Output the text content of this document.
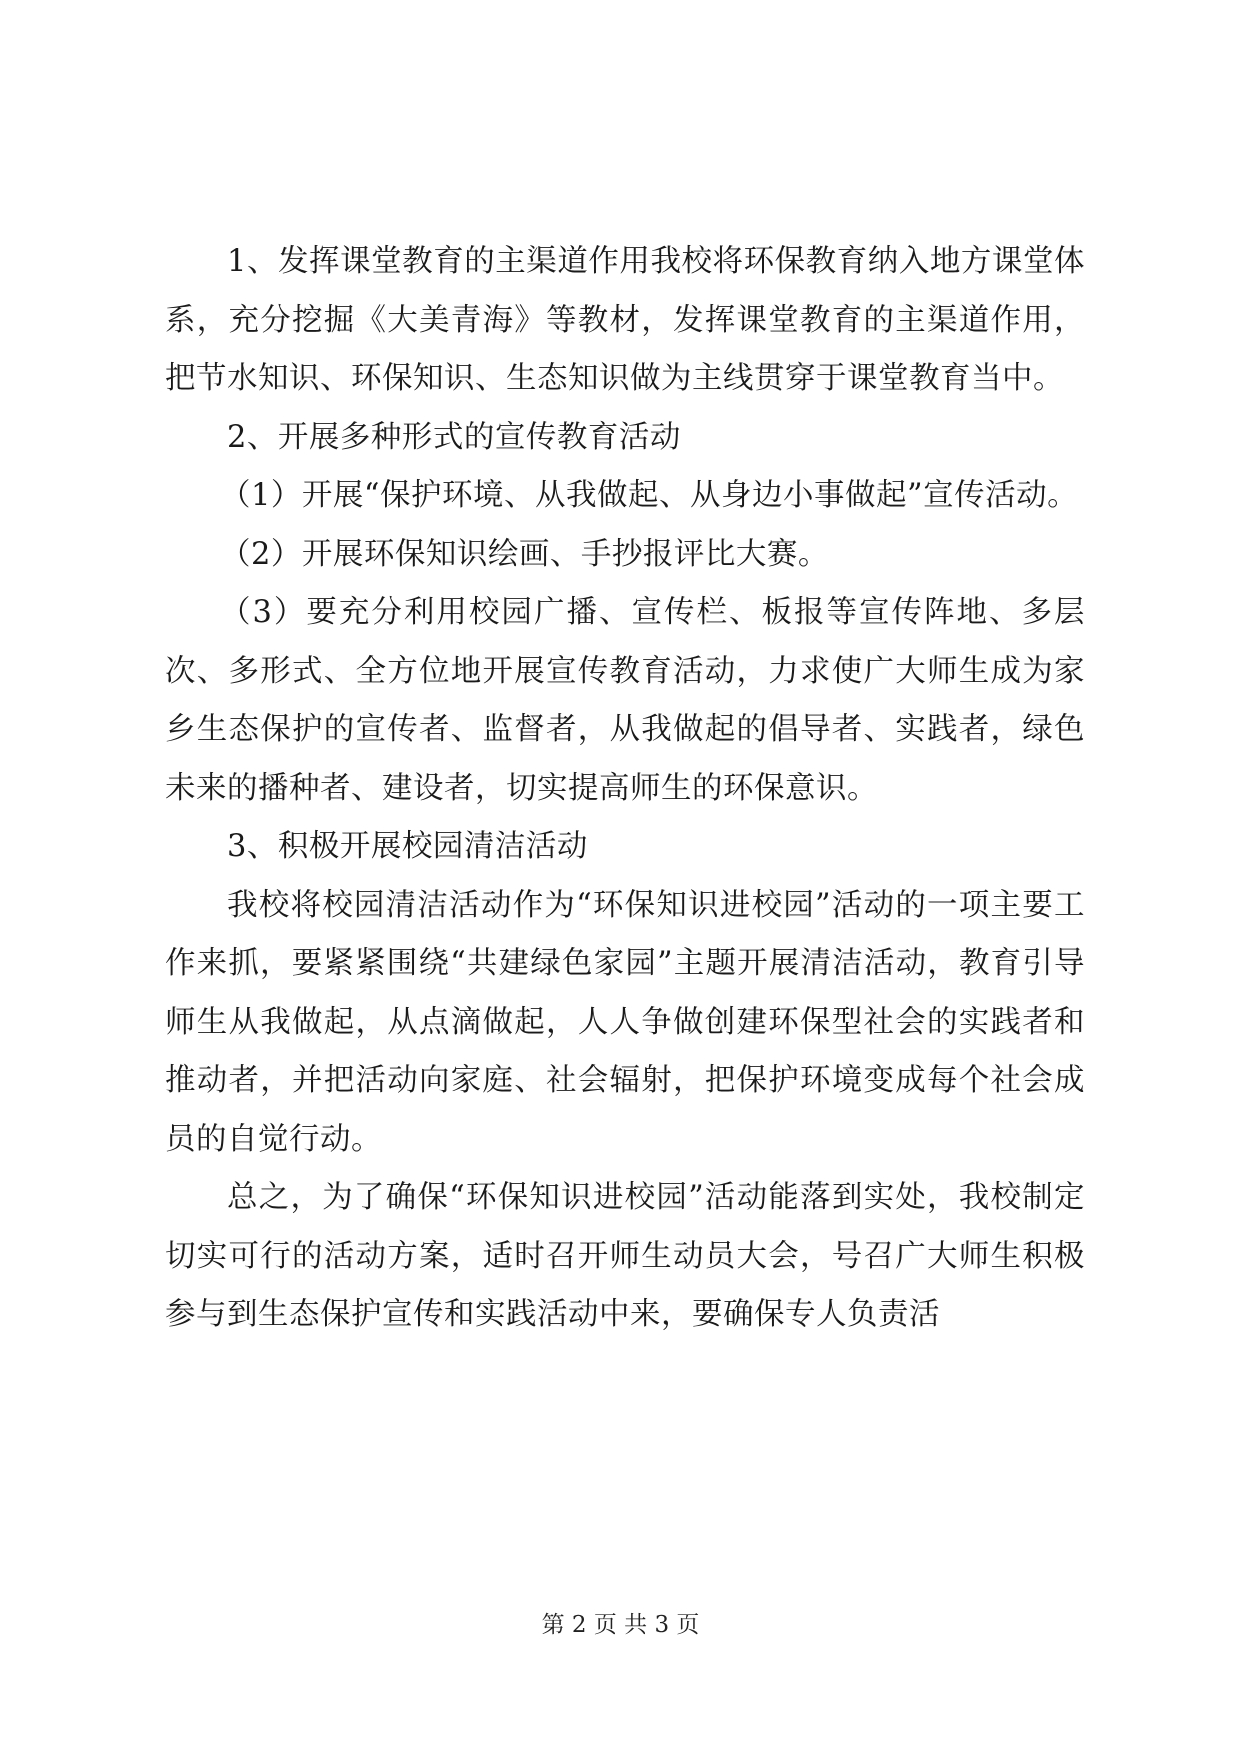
1、发挥课堂教育的主渠道作用我校将环保教育纳入地方课堂体系，充分挖掘《大美青海》等教材，发挥课堂教育的主渠道作用，把节水知识、环保知识、生态知识做为主线贯穿于课堂教育当中。

2、开展多种形式的宣传教育活动

（1）开展“保护环境、从我做起、从身边小事做起”宣传活动。

（2）开展环保知识绘画、手抄报评比大赛。

（3）要充分利用校园广播、宣传栏、板报等宣传阵地、多层次、多形式、全方位地开展宣传教育活动，力求使广大师生成为家乡生态保护的宣传者、监督者，从我做起的倡导者、实践者，绿色未来的播种者、建设者，切实提高师生的环保意识。

3、积极开展校园清洁活动

我校将校园清洁活动作为“环保知识进校园”活动的一项主要工作来抓，要紧紧围绕“共建绿色家园”主题开展清洁活动，教育引导师生从我做起，从点滴做起，人人争做创建环保型社会的实践者和推动者，并把活动向家庭、社会辐射，把保护环境变成每个社会成员的自觉行动。

总之，为了确保“环保知识进校园”活动能落到实处，我校制定切实可行的活动方案，适时召开师生动员大会，号召广大师生积极参与到生态保护宣传和实践活动中来，要确保专人负责活

第 2 页 共 3 页
